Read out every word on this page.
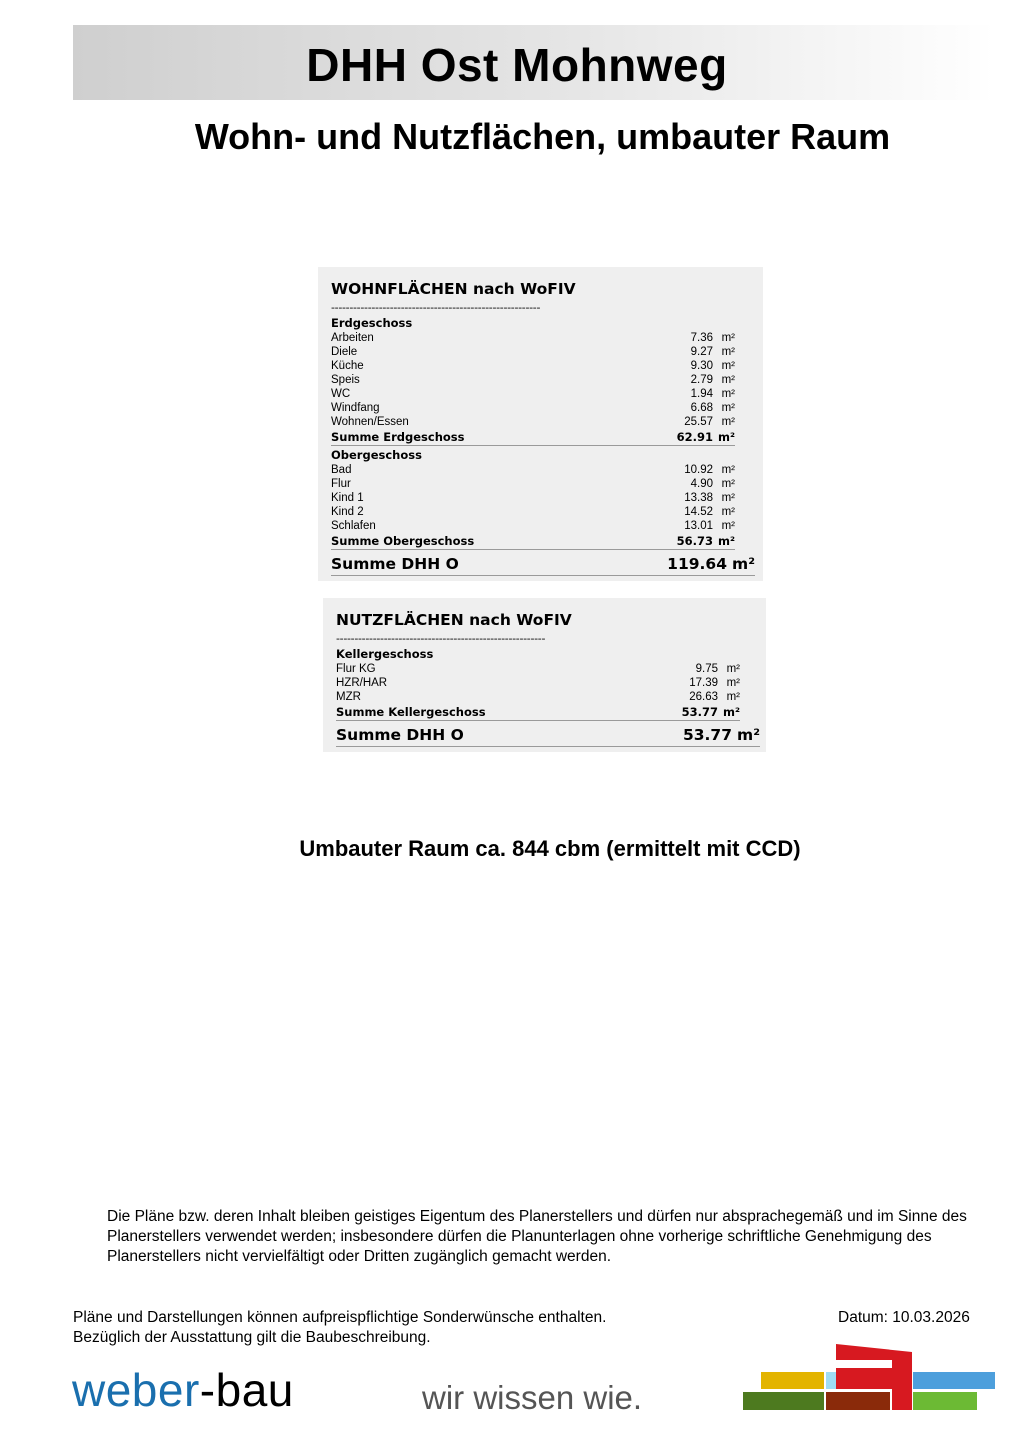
DHH Ost Mohnweg
Wohn- und Nutzflächen, umbauter Raum
WOHNFLÄCHEN nach WoFIV
---------------------------------------------------------
Erdgeschoss
Arbeiten	7.36 m²
Diele	9.27 m²
Küche	9.30 m²
Speis	2.79 m²
WC	1.94 m²
Windfang	6.68 m²
Wohnen/Essen	25.57 m²
Summe Erdgeschoss	62.91 m²
Obergeschoss
Bad	10.92 m²
Flur	4.90 m²
Kind 1	13.38 m²
Kind 2	14.52 m²
Schlafen	13.01 m²
Summe Obergeschoss	56.73 m²
Summe DHH O	119.64 m²
NUTZFLÄCHEN nach WoFIV
---------------------------------------------------------
Kellergeschoss
Flur KG	9.75 m²
HZR/HAR	17.39 m²
MZR	26.63 m²
Summe Kellergeschoss	53.77 m²
Summe DHH O	53.77 m²
Umbauter Raum ca. 844 cbm (ermittelt mit CCD)
Die Pläne bzw. deren Inhalt bleiben geistiges Eigentum des Planerstellers und dürfen nur absprachegemäß und im Sinne des Planerstellers verwendet werden; insbesondere dürfen die Planunterlagen ohne vorherige schriftliche Genehmigung des Planerstellers nicht vervielfältigt oder Dritten zugänglich gemacht werden.
Pläne und Darstellungen können aufpreispflichtige Sonderwünsche enthalten.
Bezüglich der Ausstattung gilt die Baubeschreibung.
Datum: 10.03.2026
weber-bau	wir wissen wie.
